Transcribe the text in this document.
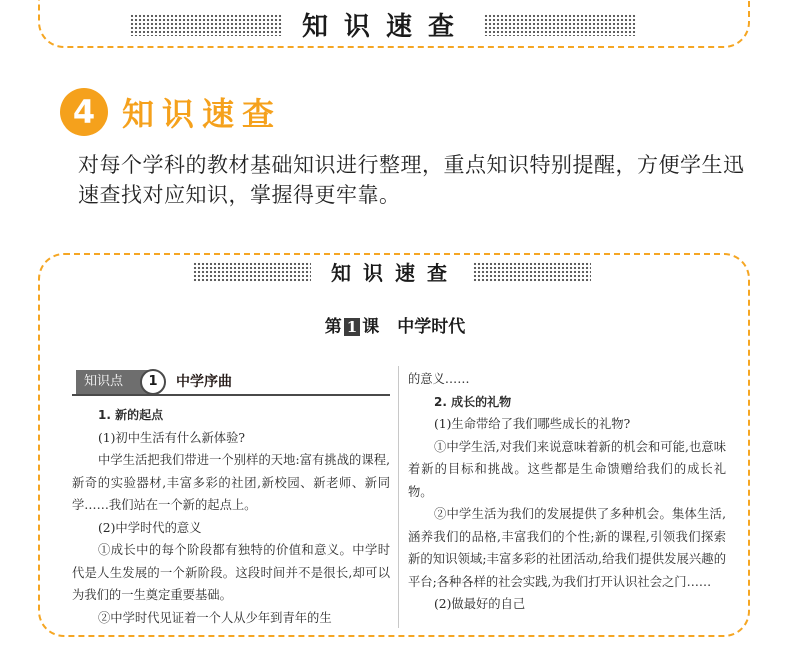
知识速查
4 知识速查
对每个学科的教材基础知识进行整理，重点知识特别提醒，方便学生迅速查找对应知识，掌握得更牢靠。
知识速查
第 1 课 中学时代
知识点	1	中学序曲

1. 新的起点

(1)初中生活有什么新体验?

中学生活把我们带进一个别样的天地:富有挑战的课程,新奇的实验器材,丰富多彩的社团,新校园、新老师、新同学……我们站在一个新的起点上。

(2)中学时代的意义

①成长中的每个阶段都有独特的价值和意义。中学时代是人生发展的一个新阶段。这段时间并不是很长,却可以为我们的一生奠定重要基础。

②中学时代见证着一个人从少年到青年的生

的意义……

2. 成长的礼物

(1)生命带给了我们哪些成长的礼物?

①中学生活,对我们来说意味着新的机会和可能,也意味着新的目标和挑战。这些都是生命馈赠给我们的成长礼物。

②中学生活为我们的发展提供了多种机会。集体生活,涵养我们的品格,丰富我们的个性;新的课程,引领我们探索新的知识领域;丰富多彩的社团活动,给我们提供发展兴趣的平台;各种各样的社会实践,为我们打开认识社会之门……

(2)做最好的自己
